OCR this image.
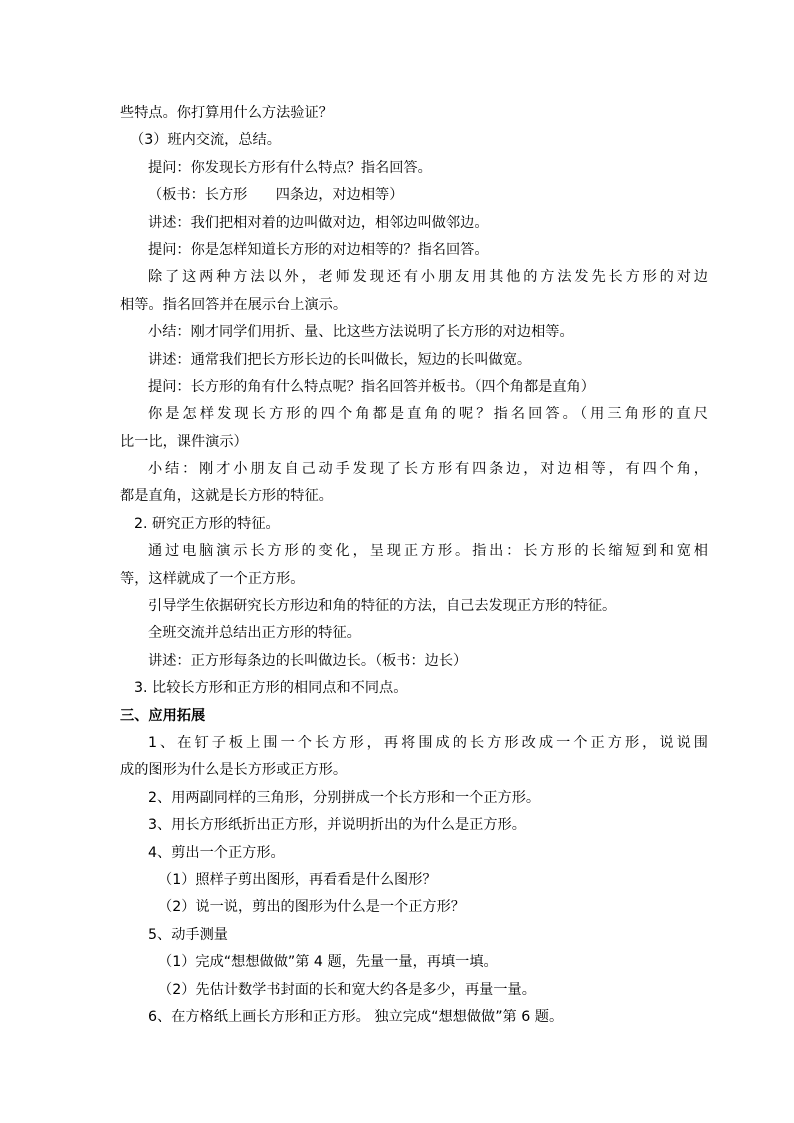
些特点。你打算用什么方法验证？
（3）班内交流，总结。
提问：你发现长方形有什么特点？指名回答。
（板书：长方形　　四条边，对边相等）
讲述：我们把相对着的边叫做对边，相邻边叫做邻边。
提问：你是怎样知道长方形的对边相等的？指名回答。
除了这两种方法以外，老师发现还有小朋友用其他的方法发先长方形的对边
相等。指名回答并在展示台上演示。
小结：刚才同学们用折、量、比这些方法说明了长方形的对边相等。
讲述：通常我们把长方形长边的长叫做长，短边的长叫做宽。
提问：长方形的角有什么特点呢？指名回答并板书。（四个角都是直角）
你是怎样发现长方形的四个角都是直角的呢？指名回答。（用三角形的直尺
比一比，课件演示）
小结：刚才小朋友自己动手发现了长方形有四条边，对边相等，有四个角，
都是直角，这就是长方形的特征。
2. 研究正方形的特征。
通过电脑演示长方形的变化，呈现正方形。指出：长方形的长缩短到和宽相
等，这样就成了一个正方形。
引导学生依据研究长方形边和角的特征的方法，自己去发现正方形的特征。
全班交流并总结出正方形的特征。
讲述：正方形每条边的长叫做边长。（板书：边长）
3. 比较长方形和正方形的相同点和不同点。
三、应用拓展
1、在钉子板上围一个长方形，再将围成的长方形改成一个正方形，说说围
成的图形为什么是长方形或正方形。
2、用两副同样的三角形，分别拼成一个长方形和一个正方形。
3、用长方形纸折出正方形，并说明折出的为什么是正方形。
4、剪出一个正方形。
（1）照样子剪出图形，再看看是什么图形？
（2）说一说，剪出的图形为什么是一个正方形？
5、动手测量
（1）完成“想想做做”第 4 题，先量一量，再填一填。
（2）先估计数学书封面的长和宽大约各是多少，再量一量。
6、在方格纸上画长方形和正方形。 独立完成“想想做做”第 6 题。
